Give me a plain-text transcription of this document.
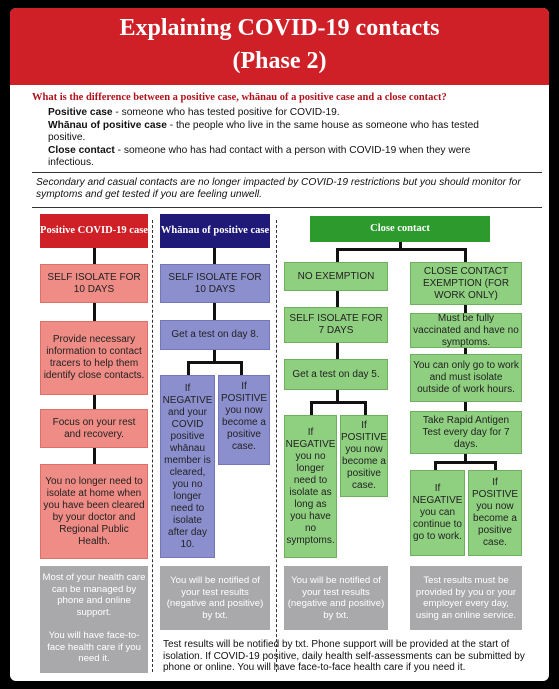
Explaining COVID-19 contacts
(Phase 2)
What is the difference between a positive case, whānau of a positive case and a close contact?
Positive case - someone who has tested positive for COVID-19.
Whānau of positive case - the people who live in the same house as someone who has tested positive.
Close contact - someone who has had contact with a person with COVID-19 when they were infectious.
Secondary and casual contacts are no longer impacted by COVID-19 restrictions but you should monitor for symptoms and get tested if you are feeling unwell.
Positive COVID-19 case Whānau of positive case	Close contact
SELF ISOLATE FOR 10 DAYS
Provide necessary information to contact tracers to help them identify close contacts.
Focus on your rest and recovery.
You no longer need to isolate at home when you have been cleared by your doctor and Regional Public Health.
Most of your health care can be managed by phone and online support.
You will have face-to-face health care if you need it.
SELF ISOLATE FOR 10 DAYS
Get a test on day 8.
If NEGATIVE and your COVID positive whānau member is cleared, you no longer need to isolate after day 10.
If POSITIVE you now become a positive case.
You will be notified of your test results (negative and positive) by txt.
NO EXEMPTION
SELF ISOLATE FOR 7 DAYS
Get a test on day 5.
If NEGATIVE you no longer need to isolate as long as you have no symptoms.
If POSITIVE you now become a positive case.
CLOSE CONTACT EXEMPTION (FOR WORK ONLY)
Must be fully vaccinated and have no symptoms.
You can only go to work and must isolate outside of work hours.
Take Rapid Antigen Test every day for 7 days.
If NEGATIVE you can continue to go to work.
If POSITIVE you now become a positive case.
You will be notified of your test results (negative and positive) by txt.
Test results must be provided by you or your employer every day, using an online service.
Test results will be notified by txt. Phone support will be provided at the start of isolation. If COVID-19 positive, daily health self-assessments can be submitted by phone or online. You will have face-to-face health care if you need it.
